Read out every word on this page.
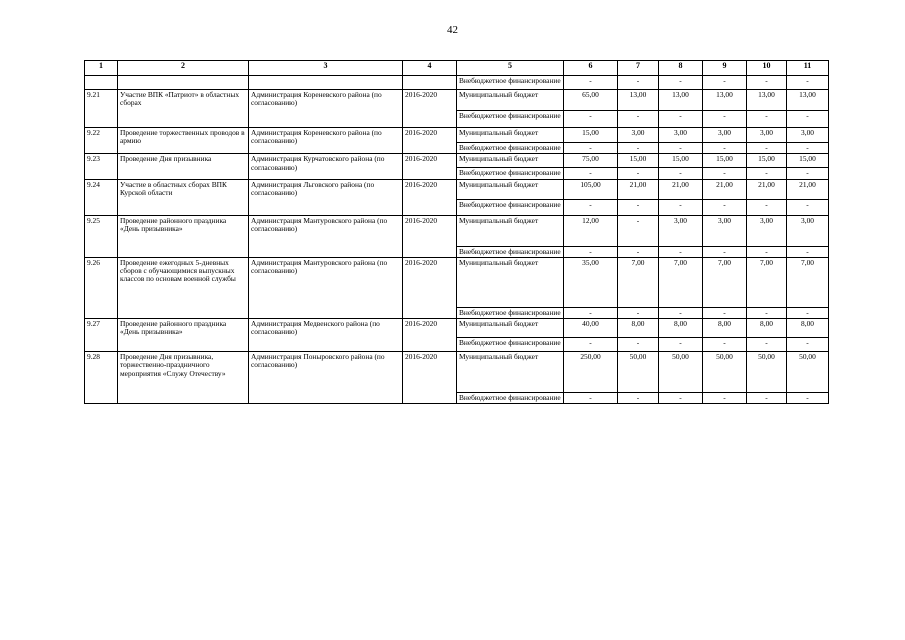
42
1	2	3	4	5	6	7	8	9	10	11
				Внебюджетное финансирование	-	-	-	-	-	-
9.21	Участие ВПК «Патриот» в областных сборах	Администрация Кореневского района (по согласованию)	2016-2020	Муниципальный бюджет	65,00	13,00	13,00	13,00	13,00	13,00
				Внебюджетное финансирование	-	-	-	-	-	-
9.22	Проведение торжественных проводов в армию	Администрация Кореневского района (по согласованию)	2016-2020	Муниципальный бюджет	15,00	3,00	3,00	3,00	3,00	3,00
				Внебюджетное финансирование	-	-	-	-	-	-
9.23	Проведение Дня призывника	Администрация Курчатовского района (по согласованию)	2016-2020	Муниципальный бюджет	75,00	15,00	15,00	15,00	15,00	15,00
				Внебюджетное финансирование	-	-	-	-	-	-
9.24	Участие в областных сборах ВПК Курской области	Администрация Льговского района (по согласованию)	2016-2020	Муниципальный бюджет	105,00	21,00	21,00	21,00	21,00	21,00
				Внебюджетное финансирование	-	-	-	-	-	-
9.25	Проведение районного праздника «День призывника»	Администрация Мантуровского района (по согласованию)	2016-2020	Муниципальный бюджет	12,00	-	3,00	3,00	3,00	3,00
				Внебюджетное финансирование	-	-	-	-	-	-
9.26	Проведение ежегодных 5-дневных сборов с обучающимися выпускных классов по основам военной службы	Администрация Мантуровского района (по согласованию)	2016-2020	Муниципальный бюджет	35,00	7,00	7,00	7,00	7,00	7,00
				Внебюджетное финансирование	-	-	-	-	-	-
9.27	Проведение районного праздника «День призывника»	Администрация Медвенского района (по согласованию)	2016-2020	Муниципальный бюджет	40,00	8,00	8,00	8,00	8,00	8,00
				Внебюджетное финансирование	-	-	-	-	-	-
9.28	Проведение Дня призывника, торжественно-праздничного мероприятия «Служу Отечеству»	Администрация Поныровского района (по согласованию)	2016-2020	Муниципальный бюджет	250,00	50,00	50,00	50,00	50,00	50,00
				Внебюджетное финансирование	-	-	-	-	-	-
